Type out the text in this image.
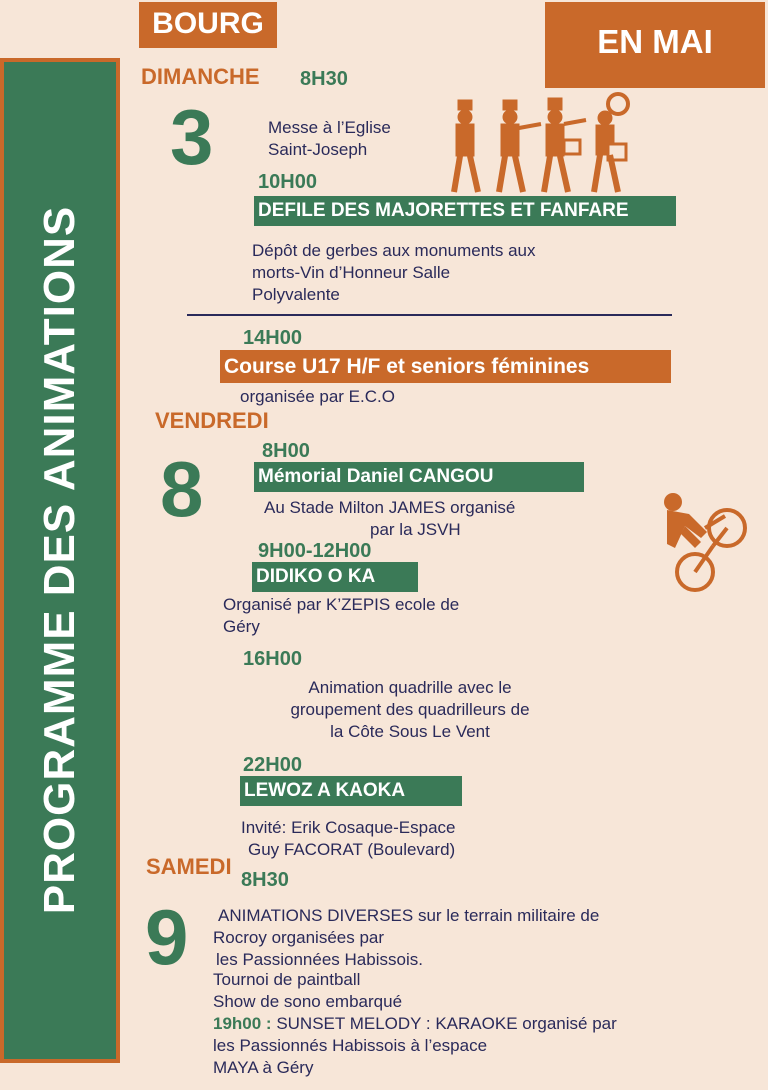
PROGRAMME DES ANIMATIONS
BOURG	EN MAI
DIMANCHE 8H30
3	Messe à l’Eglise
Saint-Joseph
10H00
DEFILE DES MAJORETTES ET FANFARE
Dépôt de gerbes aux monuments aux
morts-Vin d’Honneur Salle
Polyvalente
14H00
Course U17 H/F et seniors féminines
organisée par E.C.O
VENDREDI
8H00
8	Mémorial Daniel CANGOU
Au Stade Milton JAMES organisé
par la JSVH
9H00-12H00
DIDIKO O KA
Organisé par K’ZEPIS ecole de
Géry
16H00
Animation quadrille avec le
groupement des quadrilleurs de
la Côte Sous Le Vent
22H00
LEWOZ A KAOKA
Invité: Erik Cosaque-Espace
Guy FACORAT (Boulevard)
SAMEDI
8H30
9 ANIMATIONS DIVERSES sur le terrain militaire de
Rocroy organisées par
les Passionnées Habissois.
Tournoi de paintball
Show de sono embarqué
19h00 : SUNSET MELODY : KARAOKE organisé par
les Passionnés Habissois à l’espace
MAYA à Géry
